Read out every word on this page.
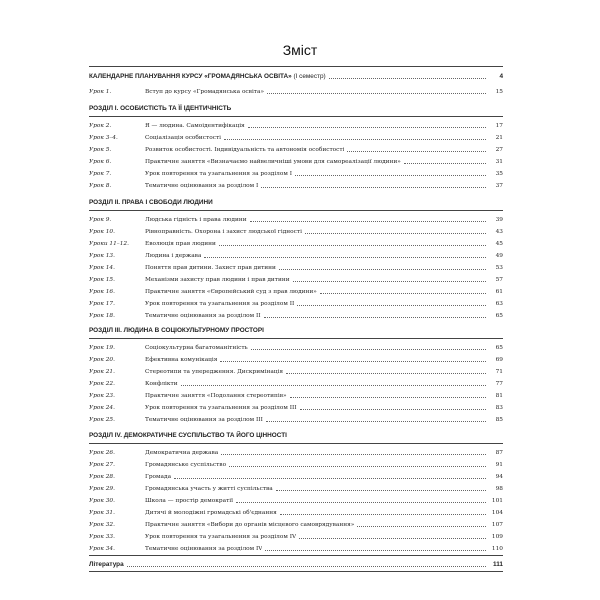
Зміст
КАЛЕНДАРНЕ ПЛАНУВАННЯ КУРСУ «ГРОМАДЯНСЬКА ОСВІТА» (І семестр)	4
Урок 1.	Вступ до курсу «Громадянська освіта»	15
РОЗДІЛ І. ОСОБИСТІСТЬ ТА ЇЇ ІДЕНТИЧНІСТЬ
Урок 2.	Я — людина. Самоідентифікація	17
Урок 3–4.	Соціалізація особистості	21
Урок 5.	Розвиток особистості. Індивідуальність та автономія особистості	27
Урок 6.	Практичне заняття «Визначаємо найвеличніші умови для самореалізації людини»	31
Урок 7.	Урок повторення та узагальнення за розділом І	35
Урок 8.	Тематичне оцінювання за розділом І	37
РОЗДІЛ ІІ. ПРАВА І СВОБОДИ ЛЮДИНИ
Урок 9.	Людська гідність і права людини	39
Урок 10.	Рівноправність. Охорона і захист людської гідності	43
Уроки 11–12.	Еволюція прав людини	45
Урок 13.	Людина і держава	49
Урок 14.	Поняття прав дитини. Захист прав дитини	53
Урок 15.	Механізми захисту прав людини і прав дитини	57
Урок 16.	Практичне заняття «Європейський суд з прав людини»	61
Урок 17.	Урок повторення та узагальнення за розділом ІІ	63
Урок 18.	Тематичне оцінювання за розділом ІІ	65
РОЗДІЛ ІІІ. ЛЮДИНА В СОЦІОКУЛЬТУРНОМУ ПРОСТОРІ
Урок 19.	Соціокультурна багатоманітність	65
Урок 20.	Ефективна комунікація	69
Урок 21.	Стереотипи та упередження. Дискримінація	71
Урок 22.	Конфлікти	77
Урок 23.	Практичне заняття «Подолання стереотипів»	81
Урок 24.	Урок повторення та узагальнення за розділом ІІІ	83
Урок 25.	Тематичне оцінювання за розділом ІІІ	85
РОЗДІЛ IV. ДЕМОКРАТИЧНЕ СУСПІЛЬСТВО ТА ЙОГО ЦІННОСТІ
Урок 26.	Демократична держава	87
Урок 27.	Громадянське суспільство	91
Урок 28.	Громада	94
Урок 29.	Громадянська участь у житті суспільства	98
Урок 30.	Школа — простір демократії	101
Урок 31.	Дитячі й молодіжні громадські об'єднання	104
Урок 32.	Практичне заняття «Вибори до органів місцевого самоврядування»	107
Урок 33.	Урок повторення та узагальнення за розділом IV	109
Урок 34.	Тематичне оцінювання за розділом IV	110
Література	111
